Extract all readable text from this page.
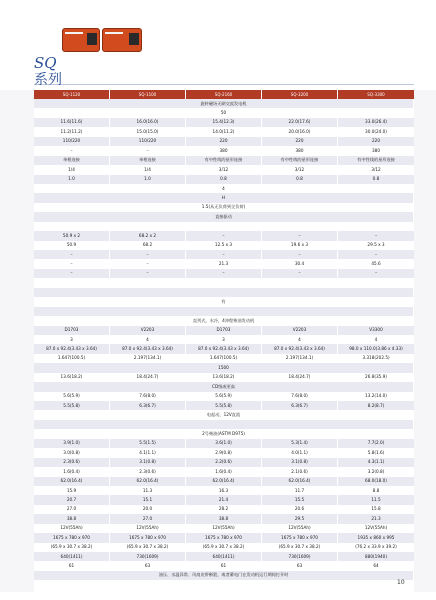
SQ
系列
SQ-1120	SQ-1100	SQ-2160	SQ-3200	SQ-3300
旋转磁场无刷交流发电机
50
11.6(11.6)	16.0(16.0)	15.4(12.3)	22.0(17.6)	33.0(26.4)
11.2(11.2)	15.0(15.0)	14.0(11.2)	20.0(16.0)	30.0(24.0)
110/220	110/220	220	220	220
–	–	380	380	380
单相连接	单相连接	有中性线的星形连接	有中性线的星形连接	有中性线的星形连接
1/4	1/4	3/12	3/12	3/12
1.0	1.0	0.8	0.8	0.8
4
H
1.5(从无负荷到全负荷)
直接驱动
50.9 x 2	68.2 x 2	–	–	–
50.9	68.2	12.5 x 3	19.6 x 3	29.5 x 3
–	–	–	–	–
–	–	21.3	30.4	45.6
–	–	–	–	–
有
直列式，水冷，4冲程柴油发动机
D1703	V2203	D1703	V2203	V3300
3	4	3	4	4
87.0 x 92.4(3.43 x 3.64)	87.0 x 92.4(3.43 x 3.64)	87.0 x 92.4(3.43 x 3.64)	87.0 x 92.4(3.43 x 3.64)	98.0 x 110.0(3.86 x 4.33)
1.647(100.5)	2.197(134.1)	1.647(100.5)	2.197(134.1)	3.318(202.5)
1500
13.6(18.2)	18.4(24.7)	13.6(18.2)	18.4(24.7)	26.8(35.9)
CD级或更高
5.6(5.9)	7.6(8.0)	5.6(5.9)	7.6(8.0)	13.2(14.0)
5.5(5.8)	6.3(6.7)	5.5(5.8)	6.3(6.7)	8.2(8.7)
电起动，12V直流
2号柴油(ASTM D975)
3.9(1.0)	5.5(1.5)	3.6(1.0)	5.3(1.4)	7.7(2.0)
3.0(0.8)	4.1(1.1)	2.9(0.8)	4.0(1.1)	5.8(1.6)
2.3(0.6)	3.1(0.8)	2.2(0.6)	3.1(0.8)	4.3(1.1)
1.6(0.4)	2.3(0.6)	1.6(0.4)	2.1(0.6)	3.2(0.8)
62.0(16.4)	62.0(16.4)	62.0(16.4)	62.0(16.4)	68.0(18.0)
15.9	11.3	16.3	11.7	8.8
20.7	15.1	21.4	15.5	11.5
27.0	20.0	28.2	20.6	15.8
38.8	27.0	38.8	29.5	21.3
12V(55Ah)	12V(55Ah)	12V(55Ah)	12V(55Ah)	12V(55Ah)
1675 x 780 x 970	1675 x 780 x 970	1675 x 780 x 970	1675 x 780 x 970	1935 x 860 x 995
(65.9 x 30.7 x 38.2)	(65.9 x 30.7 x 38.2)	(65.9 x 30.7 x 38.2)	(65.9 x 30.7 x 38.2)	(76.2 x 33.9 x 39.2)
640(1411)	730(1609)	640(1411)	730(1609)	880(1940)
61	63	61	63	64
油压、水温异常、风扇皮带断裂、或者蓄电门在发动机运行期间打开时
10
